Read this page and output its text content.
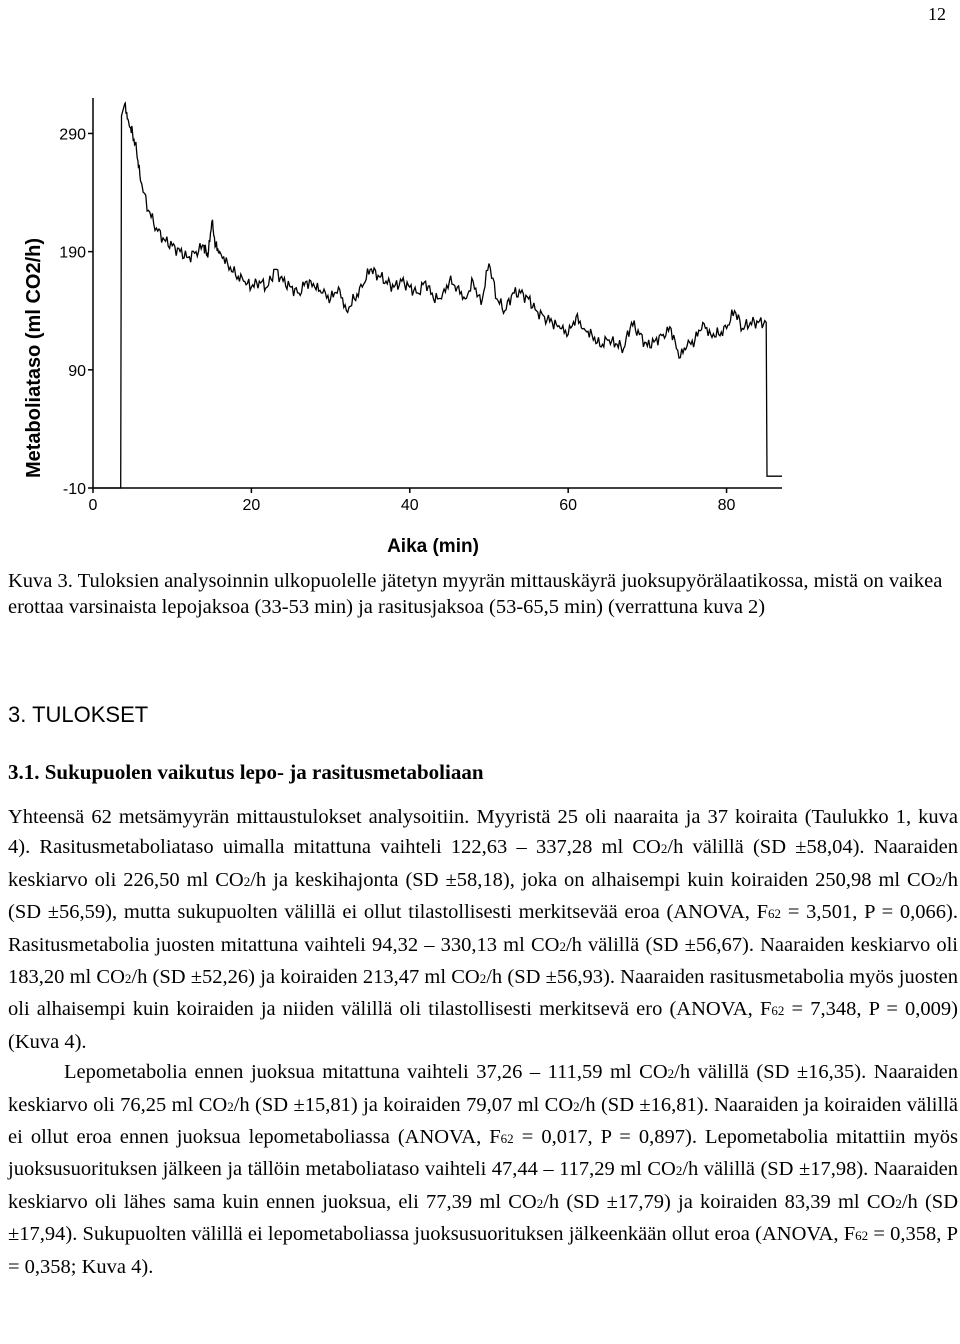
12
-10
90
190
290
0	20	40	60	80
Metaboliataso (ml CO2/h)
Aika (min)
Kuva 3. Tuloksien analysoinnin ulkopuolelle jätetyn myyrän mittauskäyrä juoksupyörälaatikossa, mistä on vaikea erottaa varsinaista lepojaksoa (33-53 min) ja rasitusjaksoa (53-65,5 min) (verrattuna kuva 2)
3. TULOKSET
3.1. Sukupuolen vaikutus lepo- ja rasitusmetaboliaan

Yhteensä 62 metsämyyrän mittaustulokset analysoitiin. Myyristä 25 oli naaraita ja 37 koiraita (Taulukko 1, kuva 4). Rasitusmetaboliataso uimalla mitattuna vaihteli 122,63 – 337,28 ml CO2/h välillä (SD ±58,04). Naaraiden keskiarvo oli 226,50 ml CO2/h ja keskihajonta (SD ±58,18), joka on alhaisempi kuin koiraiden 250,98 ml CO2/h (SD ±56,59), mutta sukupuolten välillä ei ollut tilastollisesti merkitsevää eroa (ANOVA, F62 = 3,501, P = 0,066). Rasitusmetabolia juosten mitattuna vaihteli 94,32 – 330,13 ml CO2/h välillä (SD ±56,67). Naaraiden keskiarvo oli 183,20 ml CO2/h (SD ±52,26) ja koiraiden 213,47 ml CO2/h (SD ±56,93). Naaraiden rasitusmetabolia myös juosten oli alhaisempi kuin koiraiden ja niiden välillä oli tilastollisesti merkitsevä ero (ANOVA, F62 = 7,348, P = 0,009)(Kuva 4).

Lepometabolia ennen juoksua mitattuna vaihteli 37,26 – 111,59 ml CO2/h välillä (SD ±16,35). Naaraiden keskiarvo oli 76,25 ml CO2/h (SD ±15,81) ja koiraiden 79,07 ml CO2/h (SD ±16,81). Naaraiden ja koiraiden välillä ei ollut eroa ennen juoksua lepometaboliassa (ANOVA, F62 = 0,017, P = 0,897). Lepometabolia mitattiin myös juoksusuorituksen jälkeen ja tällöin metaboliataso vaihteli 47,44 – 117,29 ml CO2/h välillä (SD ±17,98). Naaraiden keskiarvo oli lähes sama kuin ennen juoksua, eli 77,39 ml CO2/h (SD ±17,79) ja koiraiden 83,39 ml CO2/h (SD ±17,94). Sukupuolten välillä ei lepometaboliassa juoksusuorituksen jälkeenkään ollut eroa (ANOVA, F62 = 0,358, P = 0,358; Kuva 4).
